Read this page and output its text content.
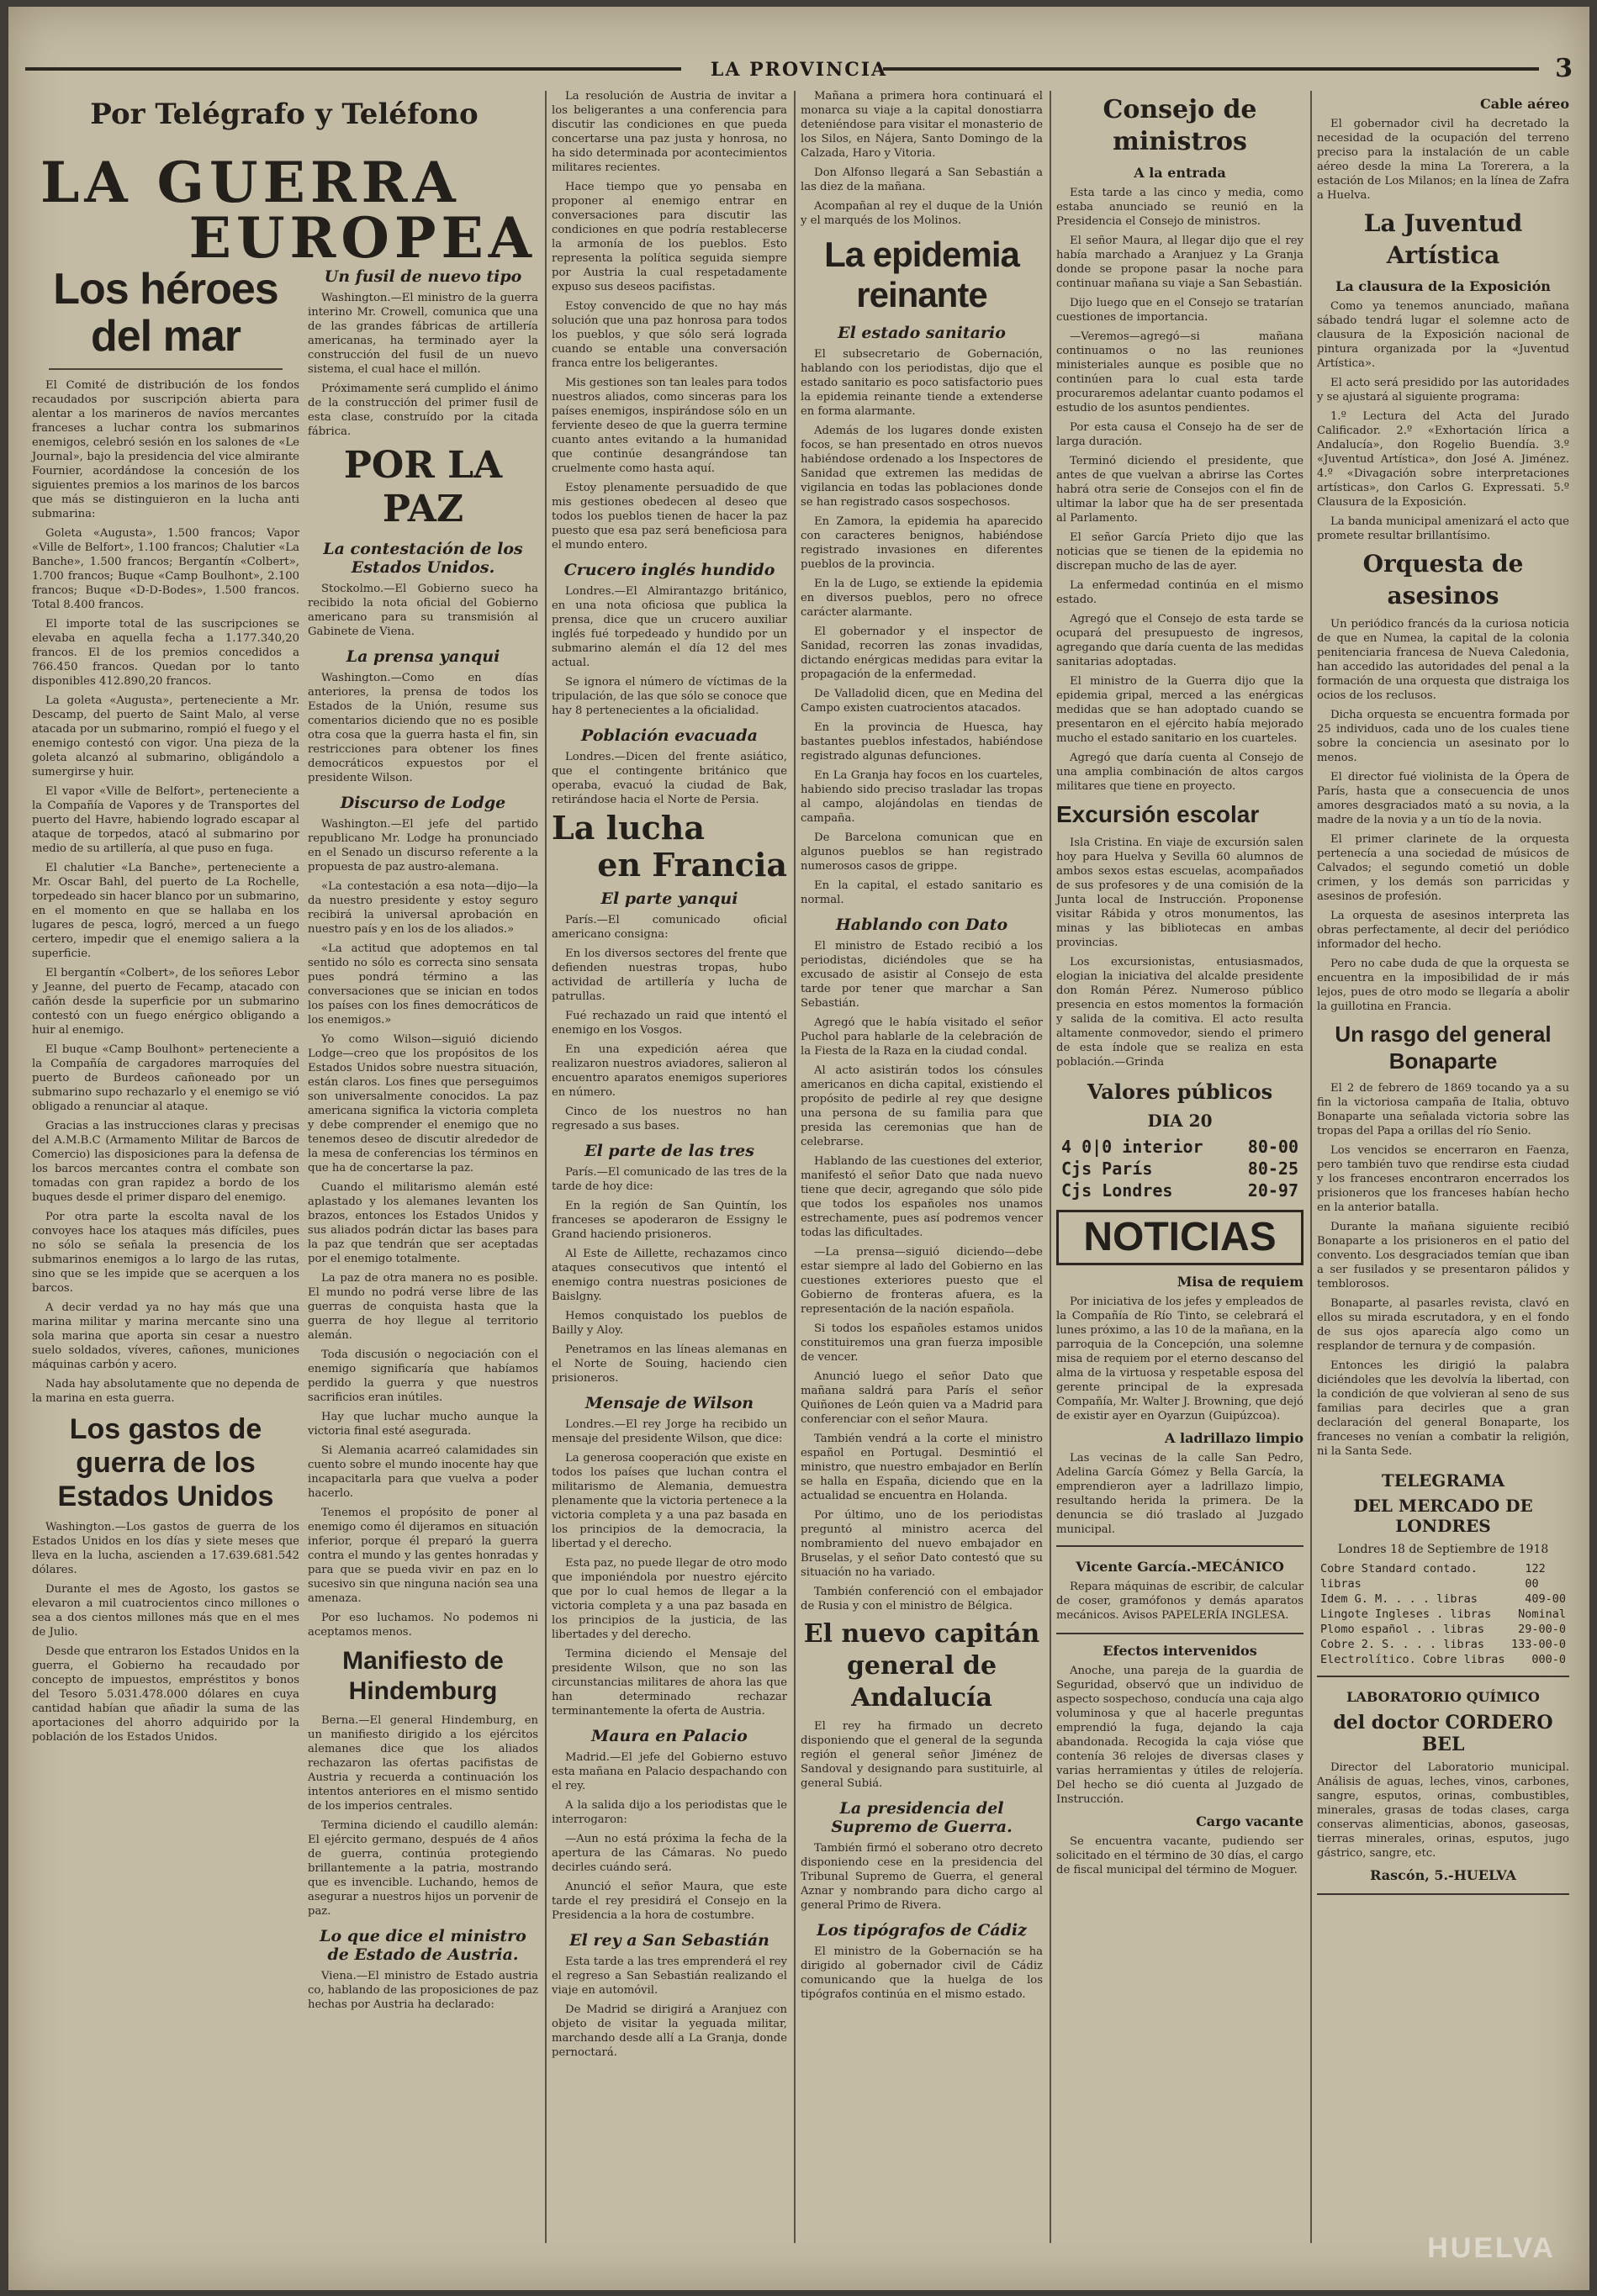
LA PROVINCIA	3
Por Telégrafo y Teléfono
LA GUERRA
EUROPEA
Los héroes del mar

El Comité de distribución de los fondos recaudados por suscripción abierta para alentar a los marineros de navíos mercantes franceses a luchar contra los submarinos enemigos, celebró sesión en los salones de «Le Journal», bajo la presidencia del vice almirante Fournier, acordándose la concesión de los siguientes premios a los marinos de los barcos que más se distinguieron en la lucha anti submarina:

Goleta «Augusta», 1.500 francos; Vapor «Ville de Belfort», 1.100 francos; Chalutier «La Banche», 1.500 francos; Bergantín «Colbert», 1.700 francos; Buque «Camp Boulhont», 2.100 francos; Buque «D-D-Bodes», 1.500 francos. Total 8.400 francos.

El importe total de las suscripciones se elevaba en aquella fecha a 1.177.340,20 francos. El de los premios concedidos a 766.450 francos. Quedan por lo tanto disponibles 412.890,20 francos.

La goleta «Augusta», perteneciente a Mr. Descamp, del puerto de Saint Malo, al verse atacada por un submarino, rompió el fuego y el enemigo contestó con vigor. Una pieza de la goleta alcanzó al submarino, obligándolo a sumergirse y huir.

El vapor «Ville de Belfort», perteneciente a la Compañía de Vapores y de Transportes del puerto del Havre, habiendo logrado escapar al ataque de torpedos, atacó al submarino por medio de su artillería, al que puso en fuga.

El chalutier «La Banche», perteneciente a Mr. Oscar Bahl, del puerto de La Rochelle, torpedeado sin hacer blanco por un submarino, en el momento en que se hallaba en los lugares de pesca, logró, merced a un fuego certero, impedir que el enemigo saliera a la superficie.

El bergantín «Colbert», de los señores Lebor y Jeanne, del puerto de Fecamp, atacado con cañón desde la superficie por un submarino contestó con un fuego enérgico obligando a huir al enemigo.

El buque «Camp Boulhont» perteneciente a la Compañía de cargadores marroquíes del puerto de Burdeos cañoneado por un submarino supo rechazarlo y el enemigo se vió obligado a renunciar al ataque.

Gracias a las instrucciones claras y precisas del A.M.B.C (Armamento Militar de Barcos de Comercio) las disposiciones para la defensa de los barcos mercantes contra el combate son tomadas con gran rapidez a bordo de los buques desde el primer disparo del enemigo.

Por otra parte la escolta naval de los convoyes hace los ataques más difíciles, pues no sólo se señala la presencia de los submarinos enemigos a lo largo de las rutas, sino que se les impide que se acerquen a los barcos.

A decir verdad ya no hay más que una marina militar y marina mercante sino una sola marina que aporta sin cesar a nuestro suelo soldados, víveres, cañones, municiones máquinas carbón y acero.

Nada hay absolutamente que no dependa de la marina en esta guerra.

Los gastos de guerra de los Estados Unidos

Washington.—Los gastos de guerra de los Estados Unidos en los días y siete meses que lleva en la lucha, ascienden a 17.639.681.542 dólares.

Durante el mes de Agosto, los gastos se elevaron a mil cuatrocientos cinco millones o sea a dos cientos millones más que en el mes de Julio.

Desde que entraron los Estados Unidos en la guerra, el Gobierno ha recaudado por concepto de impuestos, empréstitos y bonos del Tesoro 5.031.478.000 dólares en cuya cantidad habían que añadir la suma de las aportaciones del ahorro adquirido por la población de los Estados Unidos.

Un fusil de nuevo tipo

Washington.—El ministro de la guerra interino Mr. Crowell, comunica que una de las grandes fábricas de artillería americanas, ha terminado ayer la construcción del fusil de un nuevo sistema, el cual hace el millón.

Próximamente será cumplido el ánimo de la construcción del primer fusil de esta clase, construído por la citada fábrica.

POR LA PAZ
La contestación de los Estados Unidos.

Stockolmo.—El Gobierno sueco ha recibido la nota oficial del Gobierno americano para su transmisión al Gabinete de Viena.

La prensa yanqui

Washington.—Como en días anteriores, la prensa de todos los Estados de la Unión, resume sus comentarios diciendo que no es posible otra cosa que la guerra hasta el fin, sin restricciones para obtener los fines democráticos expuestos por el presidente Wilson.

Discurso de Lodge

Washington.—El jefe del partido republicano Mr. Lodge ha pronunciado en el Senado un discurso referente a la propuesta de paz austro-alemana.

«La contestación a esa nota—dijo—la da nuestro presidente y estoy seguro recibirá la universal aprobación en nuestro país y en los de los aliados.»

«La actitud que adoptemos en tal sentido no sólo es correcta sino sensata pues pondrá término a las conversaciones que se inician en todos los países con los fines democráticos de los enemigos.»

Yo como Wilson—siguió diciendo Lodge—creo que los propósitos de los Estados Unidos sobre nuestra situación, están claros. Los fines que perseguimos son universalmente conocidos. La paz americana significa la victoria completa y debe comprender el enemigo que no tenemos deseo de discutir alrededor de la mesa de conferencias los términos en que ha de concertarse la paz.

Cuando el militarismo alemán esté aplastado y los alemanes levanten los brazos, entonces los Estados Unidos y sus aliados podrán dictar las bases para la paz que tendrán que ser aceptadas por el enemigo totalmente.

La paz de otra manera no es posible. El mundo no podrá verse libre de las guerras de conquista hasta que la guerra de hoy llegue al territorio alemán.

Toda discusión o negociación con el enemigo significaría que habíamos perdido la guerra y que nuestros sacrificios eran inútiles.

Hay que luchar mucho aunque la victoria final esté asegurada.

Si Alemania acarreó calamidades sin cuento sobre el mundo inocente hay que incapacitarla para que vuelva a poder hacerlo.

Tenemos el propósito de poner al enemigo como él dijeramos en situación inferior, porque él preparó la guerra contra el mundo y las gentes honradas y para que se pueda vivir en paz en lo sucesivo sin que ninguna nación sea una amenaza.

Por eso luchamos. No podemos ni aceptamos menos.

Manifiesto de Hindemburg

Berna.—El general Hindemburg, en un manifiesto dirigido a los ejércitos alemanes dice que los aliados rechazaron las ofertas pacifistas de Austria y recuerda a continuación los intentos anteriores en el mismo sentido de los imperios centrales.

Termina diciendo el caudillo alemán: El ejército germano, después de 4 años de guerra, continúa protegiendo brillantemente a la patria, mostrando que es invencible. Luchando, hemos de asegurar a nuestros hijos un porvenir de paz.

Lo que dice el ministro de Estado de Austria.

Viena.—El ministro de Estado austria co, hablando de las proposiciones de paz hechas por Austria ha declarado:

La resolución de Austria de invitar a los beligerantes a una conferencia para discutir las condiciones en que pueda concertarse una paz justa y honrosa, no ha sido determinada por acontecimientos militares recientes.

Hace tiempo que yo pensaba en proponer al enemigo entrar en conversaciones para discutir las condiciones en que podría restablecerse la armonía de los pueblos. Esto representa la política seguida siempre por Austria la cual respetadamente expuso sus deseos pacifistas.

Estoy convencido de que no hay más solución que una paz honrosa para todos los pueblos, y que sólo será lograda cuando se entable una conversación franca entre los beligerantes.

Mis gestiones son tan leales para todos nuestros aliados, como sinceras para los países enemigos, inspirándose sólo en un ferviente deseo de que la guerra termine cuanto antes evitando a la humanidad que continúe desangrándose tan cruelmente como hasta aquí.

Estoy plenamente persuadido de que mis gestiones obedecen al deseo que todos los pueblos tienen de hacer la paz puesto que esa paz será beneficiosa para el mundo entero.

Crucero inglés hundido

Londres.—El Almirantazgo británico, en una nota oficiosa que publica la prensa, dice que un crucero auxiliar inglés fué torpedeado y hundido por un submarino alemán el día 12 del mes actual.

Se ignora el número de víctimas de la tripulación, de las que sólo se conoce que hay 8 pertenecientes a la oficialidad.

Población evacuada

Londres.—Dicen del frente asiático, que el contingente británico que operaba, evacuó la ciudad de Bak, retirándose hacia el Norte de Persia.

La lucha
en Francia
El parte yanqui

París.—El comunicado oficial americano consigna:

En los diversos sectores del frente que defienden nuestras tropas, hubo actividad de artillería y lucha de patrullas.

Fué rechazado un raid que intentó el enemigo en los Vosgos.

En una expedición aérea que realizaron nuestros aviadores, salieron al encuentro aparatos enemigos superiores en número.

Cinco de los nuestros no han regresado a sus bases.

El parte de las tres

París.—El comunicado de las tres de la tarde de hoy dice:

En la región de San Quintín, los franceses se apoderaron de Essigny le Grand haciendo prisioneros.

Al Este de Aillette, rechazamos cinco ataques consecutivos que intentó el enemigo contra nuestras posiciones de Baislgny.

Hemos conquistado los pueblos de Bailly y Aloy.

Penetramos en las líneas alemanas en el Norte de Souing, haciendo cien prisioneros.

Mensaje de Wilson

Londres.—El rey Jorge ha recibido un mensaje del presidente Wilson, que dice:

La generosa cooperación que existe en todos los países que luchan contra el militarismo de Alemania, demuestra plenamente que la victoria pertenece a la victoria completa y a una paz basada en los principios de la democracia, la libertad y el derecho.

Esta paz, no puede llegar de otro modo que imponiéndola por nuestro ejército que por lo cual hemos de llegar a la victoria completa y a una paz basada en los principios de la justicia, de las libertades y del derecho.

Termina diciendo el Mensaje del presidente Wilson, que no son las circunstancias militares de ahora las que han determinado rechazar terminantemente la oferta de Austria.

Maura en Palacio

Madrid.—El jefe del Gobierno estuvo esta mañana en Palacio despachando con el rey.

A la salida dijo a los periodistas que le interrogaron:

—Aun no está próxima la fecha de la apertura de las Cámaras. No puedo decirles cuándo será.

Anunció el señor Maura, que este tarde el rey presidirá el Consejo en la Presidencia a la hora de costumbre.

El rey a San Sebastián

Esta tarde a las tres emprenderá el rey el regreso a San Sebastián realizando el viaje en automóvil.

De Madrid se dirigirá a Aranjuez con objeto de visitar la yeguada militar, marchando desde allí a La Granja, donde pernoctará.

Mañana a primera hora continuará el monarca su viaje a la capital donostiarra deteniéndose para visitar el monasterio de los Silos, en Nájera, Santo Domingo de la Calzada, Haro y Vitoria.

Don Alfonso llegará a San Sebastián a las diez de la mañana.

Acompañan al rey el duque de la Unión y el marqués de los Molinos.

La epidemia reinante
El estado sanitario

El subsecretario de Gobernación, hablando con los periodistas, dijo que el estado sanitario es poco satisfactorio pues la epidemia reinante tiende a extenderse en forma alarmante.

Además de los lugares donde existen focos, se han presentado en otros nuevos habiéndose ordenado a los Inspectores de Sanidad que extremen las medidas de vigilancia en todas las poblaciones donde se han registrado casos sospechosos.

En Zamora, la epidemia ha aparecido con caracteres benignos, habiéndose registrado invasiones en diferentes pueblos de la provincia.

En la de Lugo, se extiende la epidemia en diversos pueblos, pero no ofrece carácter alarmante.

El gobernador y el inspector de Sanidad, recorren las zonas invadidas, dictando enérgicas medidas para evitar la propagación de la enfermedad.

De Valladolid dicen, que en Medina del Campo existen cuatrocientos atacados.

En la provincia de Huesca, hay bastantes pueblos infestados, habiéndose registrado algunas defunciones.

En La Granja hay focos en los cuarteles, habiendo sido preciso trasladar las tropas al campo, alojándolas en tiendas de campaña.

De Barcelona comunican que en algunos pueblos se han registrado numerosos casos de grippe.

En la capital, el estado sanitario es normal.

Hablando con Dato

El ministro de Estado recibió a los periodistas, diciéndoles que se ha excusado de asistir al Consejo de esta tarde por tener que marchar a San Sebastián.

Agregó que le había visitado el señor Puchol para hablarle de la celebración de la Fiesta de la Raza en la ciudad condal.

Al acto asistirán todos los cónsules americanos en dicha capital, existiendo el propósito de pedirle al rey que designe una persona de su familia para que presida las ceremonias que han de celebrarse.

Hablando de las cuestiones del exterior, manifestó el señor Dato que nada nuevo tiene que decir, agregando que sólo pide que todos los españoles nos unamos estrechamente, pues así podremos vencer todas las dificultades.

—La prensa—siguió diciendo—debe estar siempre al lado del Gobierno en las cuestiones exteriores puesto que el Gobierno de fronteras afuera, es la representación de la nación española.

Si todos los españoles estamos unidos constituiremos una gran fuerza imposible de vencer.

Anunció luego el señor Dato que mañana saldrá para París el señor Quiñones de León quien va a Madrid para conferenciar con el señor Maura.

También vendrá a la corte el ministro español en Portugal. Desmintió el ministro, que nuestro embajador en Berlín se halla en España, diciendo que en la actualidad se encuentra en Holanda.

Por último, uno de los periodistas preguntó al ministro acerca del nombramiento del nuevo embajador en Bruselas, y el señor Dato contestó que su situación no ha variado.

También conferenció con el embajador de Rusia y con el ministro de Bélgica.

El nuevo capitán general de Andalucía

El rey ha firmado un decreto disponiendo que el general de la segunda región el general señor Jiménez de Sandoval y designando para sustituirle, al general Subiá.

La presidencia del Supremo de Guerra.

También firmó el soberano otro decreto disponiendo cese en la presidencia del Tribunal Supremo de Guerra, el general Aznar y nombrando para dicho cargo al general Primo de Rivera.

Los tipógrafos de Cádiz

El ministro de la Gobernación se ha dirigido al gobernador civil de Cádiz comunicando que la huelga de los tipógrafos continúa en el mismo estado.

Consejo de ministros
A la entrada

Esta tarde a las cinco y media, como estaba anunciado se reunió en la Presidencia el Consejo de ministros.

El señor Maura, al llegar dijo que el rey había marchado a Aranjuez y La Granja donde se propone pasar la noche para continuar mañana su viaje a San Sebastián.

Dijo luego que en el Consejo se tratarían cuestiones de importancia.

—Veremos—agregó—si mañana continuamos o no las reuniones ministeriales aunque es posible que no continúen para lo cual esta tarde procuraremos adelantar cuanto podamos el estudio de los asuntos pendientes.

Por esta causa el Consejo ha de ser de larga duración.

Terminó diciendo el presidente, que antes de que vuelvan a abrirse las Cortes habrá otra serie de Consejos con el fin de ultimar la labor que ha de ser presentada al Parlamento.

El señor García Prieto dijo que las noticias que se tienen de la epidemia no discrepan mucho de las de ayer.

La enfermedad continúa en el mismo estado.

Agregó que el Consejo de esta tarde se ocupará del presupuesto de ingresos, agregando que daría cuenta de las medidas sanitarias adoptadas.

El ministro de la Guerra dijo que la epidemia gripal, merced a las enérgicas medidas que se han adoptado cuando se presentaron en el ejército había mejorado mucho el estado sanitario en los cuarteles.

Agregó que daría cuenta al Consejo de una amplia combinación de altos cargos militares que tiene en proyecto.

Excursión escolar

Isla Cristina. En viaje de excursión salen hoy para Huelva y Sevilla 60 alumnos de ambos sexos estas escuelas, acompañados de sus profesores y de una comisión de la Junta local de Instrucción. Proponense visitar Rábida y otros monumentos, las minas y las bibliotecas en ambas provincias.

Los excursionistas, entusiasmados, elogian la iniciativa del alcalde presidente don Román Pérez. Numeroso público presencia en estos momentos la formación y salida de la comitiva. El acto resulta altamente conmovedor, siendo el primero de esta índole que se realiza en esta población.—Grinda

Valores públicos
DIA 20
4 0|0 interior	80-00
Cjs París	80-25
Cjs Londres	20-97
NOTICIAS
Misa de requiem

Por iniciativa de los jefes y empleados de la Compañía de Río Tinto, se celebrará el lunes próximo, a las 10 de la mañana, en la parroquia de la Concepción, una solemne misa de requiem por el eterno descanso del alma de la virtuosa y respetable esposa del gerente principal de la expresada Compañía, Mr. Walter J. Browning, que dejó de existir ayer en Oyarzun (Guipúzcoa).

A ladrillazo limpio

Las vecinas de la calle San Pedro, Adelina García Gómez y Bella García, la emprendieron ayer a ladrillazo limpio, resultando herida la primera. De la denuncia se dió traslado al Juzgado municipal.

Vicente García.-MECÁNICO

Repara máquinas de escribir, de calcular de coser, gramófonos y demás aparatos mecánicos. Avisos PAPELERÍA INGLESA.

Efectos intervenidos

Anoche, una pareja de la guardia de Seguridad, observó que un individuo de aspecto sospechoso, conducía una caja algo voluminosa y que al hacerle preguntas emprendió la fuga, dejando la caja abandonada. Recogida la caja vióse que contenía 36 relojes de diversas clases y varias herramientas y útiles de relojería. Del hecho se dió cuenta al Juzgado de Instrucción.

Cargo vacante

Se encuentra vacante, pudiendo ser solicitado en el término de 30 días, el cargo de fiscal municipal del término de Moguer.

Cable aéreo

El gobernador civil ha decretado la necesidad de la ocupación del terreno preciso para la instalación de un cable aéreo desde la mina La Torerera, a la estación de Los Milanos; en la línea de Zafra a Huelva.

La Juventud Artística
La clausura de la Exposición

Como ya tenemos anunciado, mañana sábado tendrá lugar el solemne acto de clausura de la Exposición nacional de pintura organizada por la «Juventud Artística».

El acto será presidido por las autoridades y se ajustará al siguiente programa:

1.º Lectura del Acta del Jurado Calificador. 2.º «Exhortación lírica a Andalucía», don Rogelio Buendía. 3.º «Juventud Artística», don José A. Jiménez. 4.º «Divagación sobre interpretaciones artísticas», don Carlos G. Expressati. 5.º Clausura de la Exposición.

La banda municipal amenizará el acto que promete resultar brillantísimo.

Orquesta de asesinos

Un periódico francés da la curiosa noticia de que en Numea, la capital de la colonia penitenciaria francesa de Nueva Caledonia, han accedido las autoridades del penal a la formación de una orquesta que distraiga los ocios de los reclusos.

Dicha orquesta se encuentra formada por 25 individuos, cada uno de los cuales tiene sobre la conciencia un asesinato por lo menos.

El director fué violinista de la Ópera de París, hasta que a consecuencia de unos amores desgraciados mató a su novia, a la madre de la novia y a un tío de la novia.

El primer clarinete de la orquesta pertenecía a una sociedad de músicos de Calvados; el segundo cometió un doble crimen, y los demás son parricidas y asesinos de profesión.

La orquesta de asesinos interpreta las obras perfectamente, al decir del periódico informador del hecho.

Pero no cabe duda de que la orquesta se encuentra en la imposibilidad de ir más lejos, pues de otro modo se llegaría a abolir la guillotina en Francia.

Un rasgo del general Bonaparte

El 2 de febrero de 1869 tocando ya a su fin la victoriosa campaña de Italia, obtuvo Bonaparte una señalada victoria sobre las tropas del Papa a orillas del río Senio.

Los vencidos se encerraron en Faenza, pero también tuvo que rendirse esta ciudad y los franceses encontraron encerrados los prisioneros que los franceses habían hecho en la anterior batalla.

Durante la mañana siguiente recibió Bonaparte a los prisioneros en el patio del convento. Los desgraciados temían que iban a ser fusilados y se presentaron pálidos y temblorosos.

Bonaparte, al pasarles revista, clavó en ellos su mirada escrutadora, y en el fondo de sus ojos aparecía algo como un resplandor de ternura y de compasión.

Entonces les dirigió la palabra diciéndoles que les devolvía la libertad, con la condición de que volvieran al seno de sus familias para decirles que a gran declaración del general Bonaparte, los franceses no venían a combatir la religión, ni la Santa Sede.

TELEGRAMA
DEL MERCADO DE LONDRES
Londres 18 de Septiembre de 1918
Cobre Standard contado. libras
122 00
Idem G. M. . . . libras	409-00
Lingote Ingleses . libras Nominal
Plomo español . . libras	29-00-0
Cobre 2. S. . . . libras 133-00-0
Electrolítico. Cobre libras 000-0
LABORATORIO QUÍMICO
del doctor CORDERO BEL

Director del Laboratorio municipal. Análisis de aguas, leches, vinos, carbones, sangre, esputos, orinas, combustibles, minerales, grasas de todas clases, carga conservas alimenticias, abonos, gaseosas, tierras minerales, orinas, esputos, jugo gástrico, sangre, etc.

Rascón, 5.-HUELVA
HUELVA
